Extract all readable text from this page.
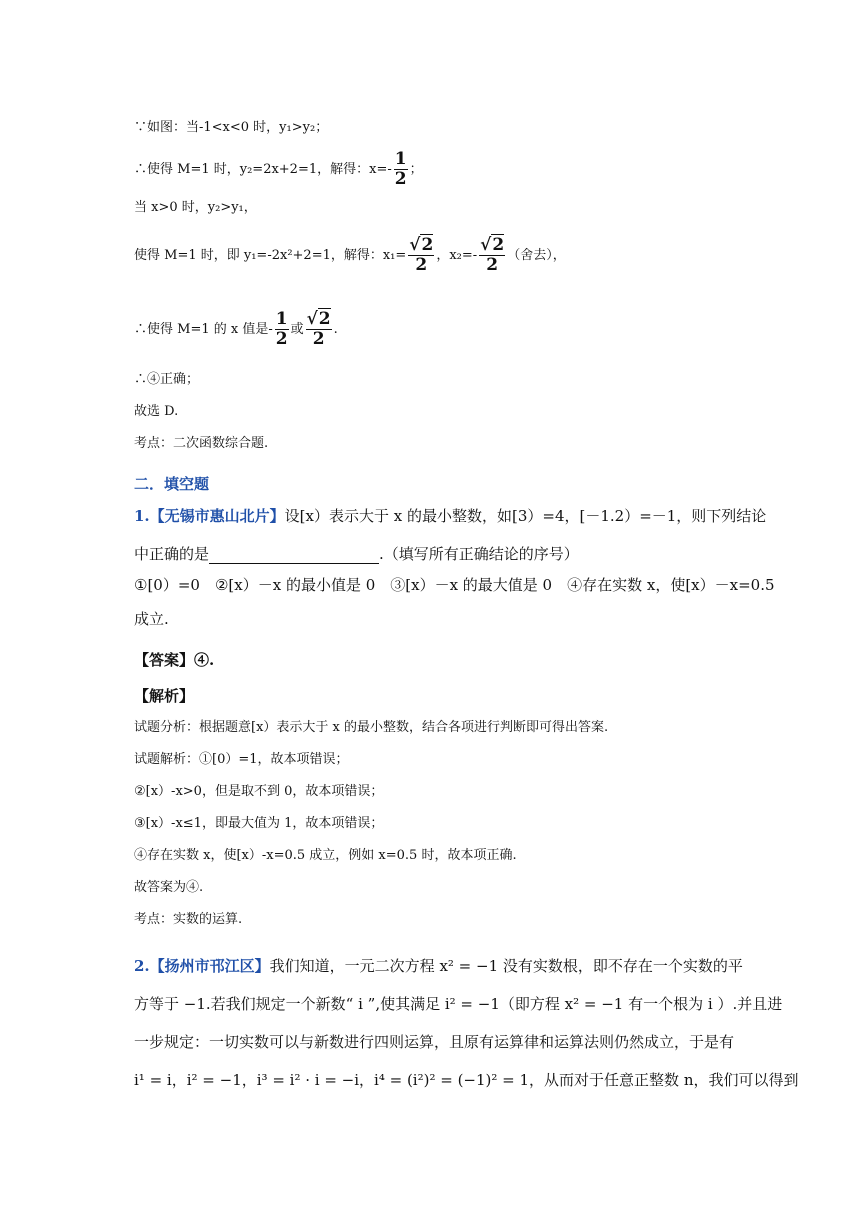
∵如图：当-1<x<0 时，y₁>y₂；
∴使得 M=1 时，y₂=2x+2=1，解得：$x=- \frac{1}{2}$ ；
当 x>0 时，y₂>y₁，
使得 M=1 时，即 y₁=-2x²+2=1，解得：$x_1= \frac{√2}{2}$ ，$x_2=- \frac{√2}{2}$ （舍去），
∴使得 M=1 的 x 值是- $\frac{1}{2}$ 或 $\frac{√2}{2}$ .
∴④正确；
故选 D.
考点：二次函数综合题.
二．填空题
1.【无锡市惠山北片】设[x）表示大于 x 的最小整数，如[3）=4，[－1.2）=－1，则下列结论
中正确的是	.（填写所有正确结论的序号）
①[0）=0　②[x）－x 的最小值是 0　③[x）－x 的最大值是 0　④存在实数 x，使[x）－x=0.5
成立.
【答案】④.
【解析】
试题分析：根据题意[x）表示大于 x 的最小整数，结合各项进行判断即可得出答案.
试题解析：①[0）=1，故本项错误；
②[x）-x>0，但是取不到 0，故本项错误；
③[x）-x≤1，即最大值为 1，故本项错误；
④存在实数 x，使[x）-x=0.5 成立，例如 x=0.5 时，故本项正确.
故答案为④.
考点：实数的运算.
2.【扬州市邗江区】我们知道，一元二次方程 x² = −1 没有实数根，即不存在一个实数的平
方等于 −1.若我们规定一个新数“ i ”,使其满足 i² = −1（即方程 x² = −1 有一个根为 i ）.并且进
一步规定：一切实数可以与新数进行四则运算，且原有运算律和运算法则仍然成立，于是有
i¹ = i，i² = −1，i³ = i² · i = −i，i⁴ = (i²)² = (−1)² = 1，从而对于任意正整数 n，我们可以得到
